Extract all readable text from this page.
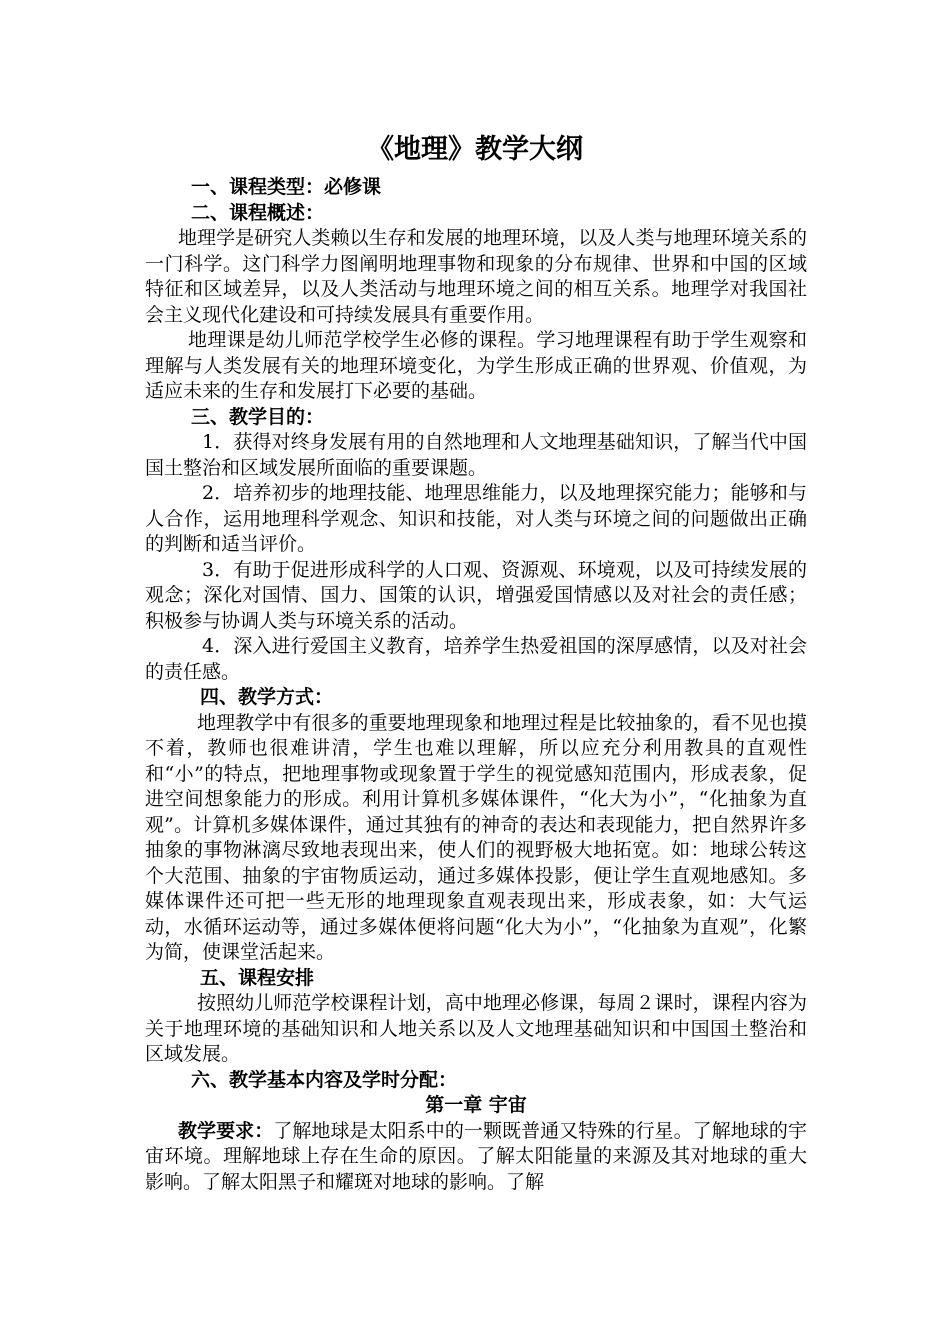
《地理》教学大纲

一、课程类型：必修课

二、课程概述：

地理学是研究人类赖以生存和发展的地理环境，以及人类与地理环境关系的一门科学。这门科学力图阐明地理事物和现象的分布规律、世界和中国的区域特征和区域差异，以及人类活动与地理环境之间的相互关系。地理学对我国社会主义现代化建设和可持续发展具有重要作用。

地理课是幼儿师范学校学生必修的课程。学习地理课程有助于学生观察和理解与人类发展有关的地理环境变化，为学生形成正确的世界观、价值观，为适应未来的生存和发展打下必要的基础。

三、教学目的：

1．获得对终身发展有用的自然地理和人文地理基础知识，了解当代中国国土整治和区域发展所面临的重要课题。

2．培养初步的地理技能、地理思维能力，以及地理探究能力；能够和与人合作，运用地理科学观念、知识和技能，对人类与环境之间的问题做出正确的判断和适当评价。

3．有助于促进形成科学的人口观、资源观、环境观，以及可持续发展的观念；深化对国情、国力、国策的认识，增强爱国情感以及对社会的责任感；积极参与协调人类与环境关系的活动。

4．深入进行爱国主义教育，培养学生热爱祖国的深厚感情，以及对社会的责任感。

四、教学方式：

地理教学中有很多的重要地理现象和地理过程是比较抽象的，看不见也摸不着，教师也很难讲清，学生也难以理解，所以应充分利用教具的直观性和“小”的特点，把地理事物或现象置于学生的视觉感知范围内，形成表象，促进空间想象能力的形成。利用计算机多媒体课件，“化大为小”，“化抽象为直观”。计算机多媒体课件，通过其独有的神奇的表达和表现能力，把自然界许多抽象的事物淋漓尽致地表现出来，使人们的视野极大地拓宽。如：地球公转这个大范围、抽象的宇宙物质运动，通过多媒体投影，便让学生直观地感知。多媒体课件还可把一些无形的地理现象直观表现出来，形成表象，如：大气运动，水循环运动等，通过多媒体便将问题“化大为小”，“化抽象为直观”，化繁为简，使课堂活起来。

五、课程安排

按照幼儿师范学校课程计划，高中地理必修课，每周２课时，课程内容为关于地理环境的基础知识和人地关系以及人文地理基础知识和中国国土整治和区域发展。

六、教学基本内容及学时分配：

第一章 宇宙

教学要求：了解地球是太阳系中的一颗既普通又特殊的行星。了解地球的宇宙环境。理解地球上存在生命的原因。了解太阳能量的来源及其对地球的重大影响。了解太阳黑子和耀斑对地球的影响。了解
